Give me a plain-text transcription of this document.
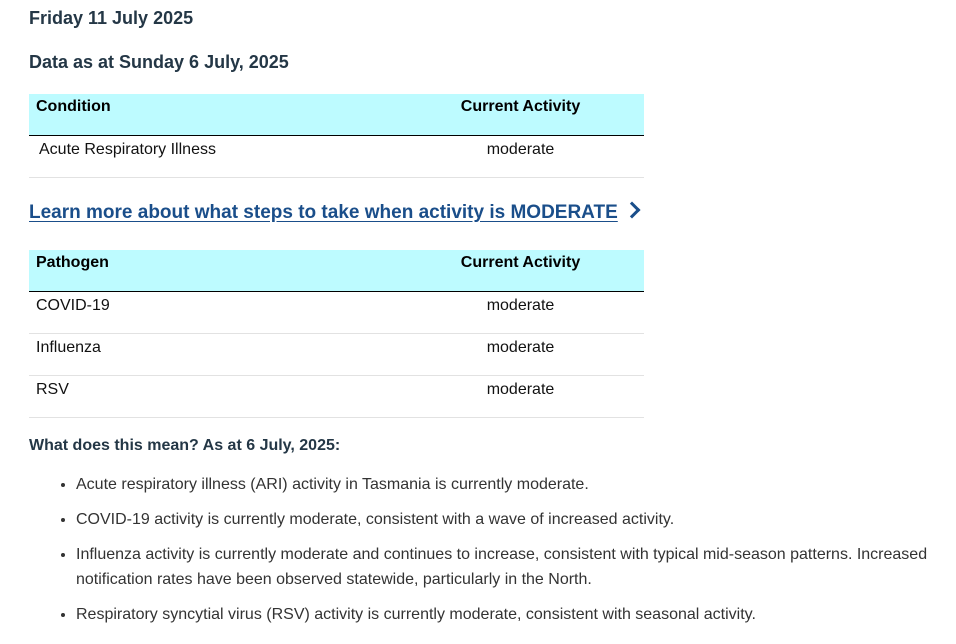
Friday 11 July 2025
Data as at Sunday 6 July, 2025
Condition	Current Activity
Acute Respiratory Illness	moderate
Learn more about what steps to take when activity is MODERATE
Pathogen	Current Activity
COVID-19	moderate
Influenza	moderate
RSV	moderate
What does this mean? As at 6 July, 2025:
• Acute respiratory illness (ARI) activity in Tasmania is currently moderate.
• COVID-19 activity is currently moderate, consistent with a wave of increased activity.
• Influenza activity is currently moderate and continues to increase, consistent with typical mid-season patterns. Increased notification rates have been observed statewide, particularly in the North.
• Respiratory syncytial virus (RSV) activity is currently moderate, consistent with seasonal activity.
